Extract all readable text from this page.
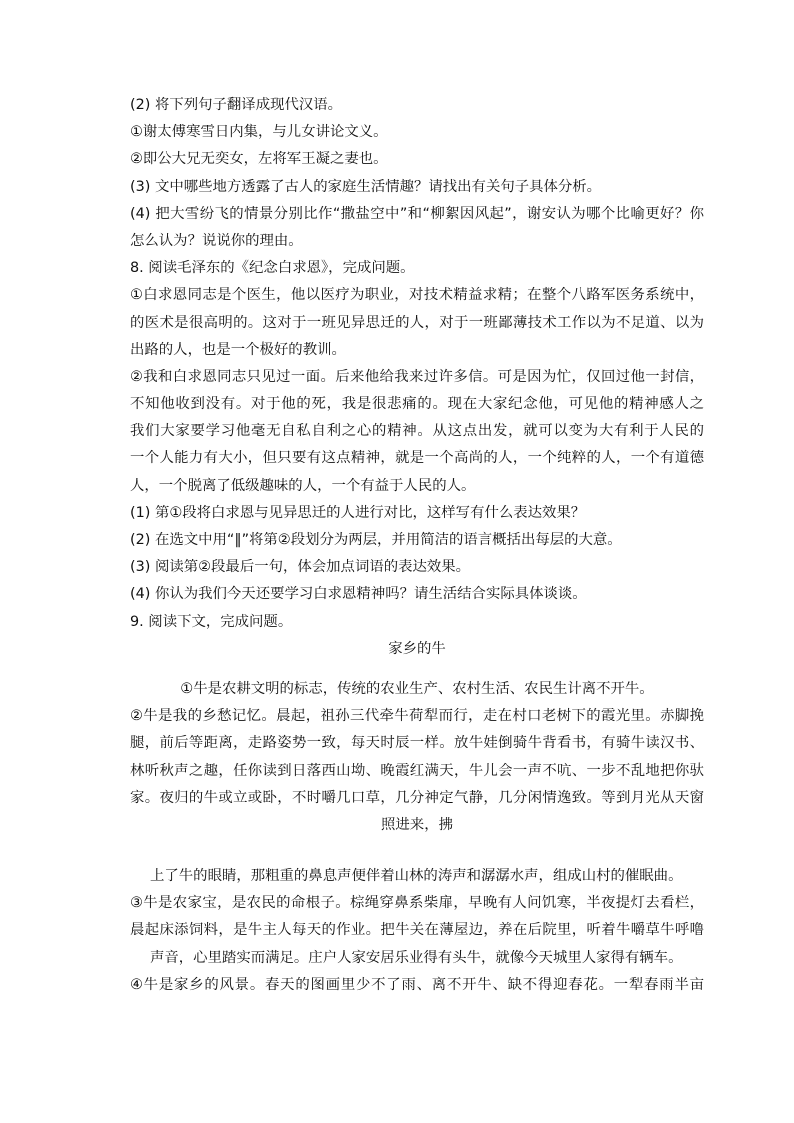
(2) 将下列句子翻译成现代汉语。
①谢太傅寒雪日内集，与儿女讲论文义。
②即公大兄无奕女，左将军王凝之妻也。
(3) 文中哪些地方透露了古人的家庭生活情趣？请找出有关句子具体分析。
(4) 把大雪纷飞的情景分别比作“撒盐空中”和“柳絮因风起”，谢安认为哪个比喻更好？你
怎么认为？说说你的理由。
8. 阅读毛泽东的《纪念白求恩》，完成问题。
①白求恩同志是个医生，他以医疗为职业，对技术精益求精；在整个八路军医务系统中，
的医术是很高明的。这对于一班见异思迁的人，对于一班鄙薄技术工作以为不足道、以为
出路的人，也是一个极好的教训。
②我和白求恩同志只见过一面。后来他给我来过许多信。可是因为忙，仅回过他一封信，
不知他收到没有。对于他的死，我是很悲痛的。现在大家纪念他，可见他的精神感人之
我们大家要学习他毫无自私自利之心的精神。从这点出发，就可以变为大有利于人民的
一个人能力有大小，但只要有这点精神，就是一个高尚的人，一个纯粹的人，一个有道德
人，一个脱离了低级趣味的人，一个有益于人民的人。
(1) 第①段将白求恩与见异思迁的人进行对比，这样写有什么表达效果？
(2) 在选文中用“‖”将第②段划分为两层，并用简洁的语言概括出每层的大意。
(3) 阅读第②段最后一句，体会加点词语的表达效果。
(4) 你认为我们今天还要学习白求恩精神吗？请生活结合实际具体谈谈。
9. 阅读下文，完成问题。
家乡的牛
①牛是农耕文明的标志，传统的农业生产、农村生活、农民生计离不开牛。
②牛是我的乡愁记忆。晨起，祖孙三代牵牛荷犁而行，走在村口老树下的霞光里。赤脚挽
腿，前后等距离，走路姿势一致，每天时辰一样。放牛娃倒骑牛背看书，有骑牛读汉书、
林听秋声之趣，任你读到日落西山坳、晚霞红满天，牛儿会一声不吭、一步不乱地把你驮
家。夜归的牛或立或卧，不时嚼几口草，几分神定气静，几分闲情逸致。等到月光从天窗
照进来，拂
上了牛的眼睛，那粗重的鼻息声便伴着山林的涛声和潺潺水声，组成山村的催眠曲。
③牛是农家宝，是农民的命根子。棕绳穿鼻系柴扉，早晚有人问饥寒，半夜提灯去看栏，
晨起床添饲料，是牛主人每天的作业。把牛关在薄屋边，养在后院里，听着牛嚼草牛呼噜
声音，心里踏实而满足。庄户人家安居乐业得有头牛，就像今天城里人家得有辆车。
④牛是家乡的风景。春天的图画里少不了雨、离不开牛、缺不得迎春花。一犁春雨半亩
